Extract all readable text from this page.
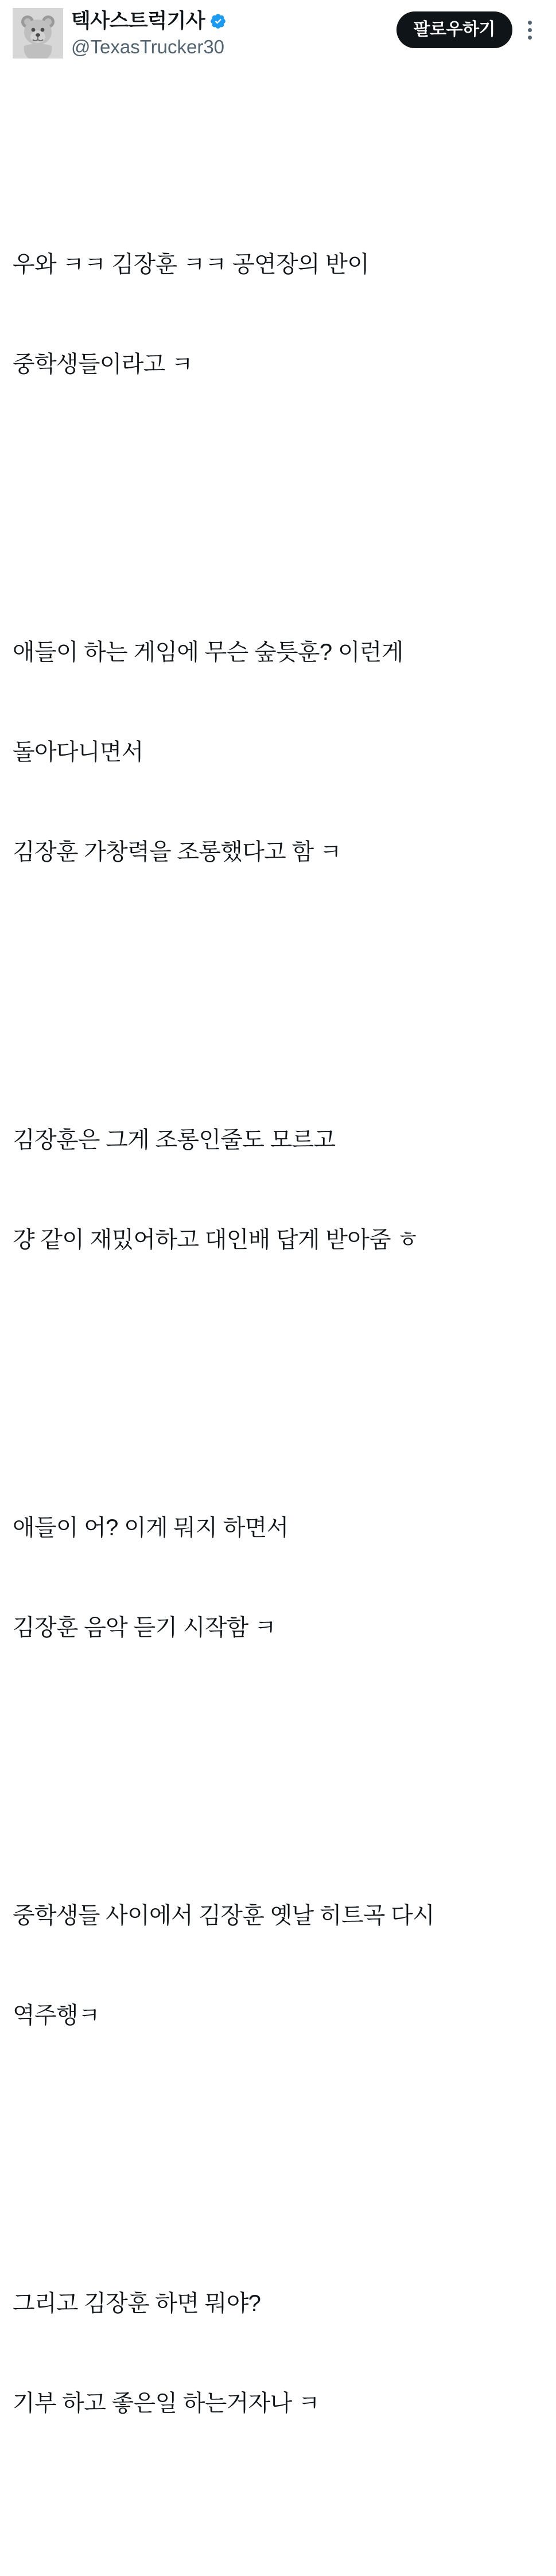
텍사스트럭기사
@TexasTrucker30
팔로우하기

우와 ㅋㅋ 김장훈 ㅋㅋ 공연장의 반이

중학생들이라고 ㅋ

애들이 하는 게임에 무슨 숲틋훈? 이런게

돌아다니면서

김장훈 가창력을 조롱했다고 함 ㅋ

김장훈은 그게 조롱인줄도 모르고

걍 같이 재밌어하고 대인배 답게 받아줌 ㅎ

애들이 어? 이게 뭐지 하면서

김장훈 음악 듣기 시작함 ㅋ

중학생들 사이에서 김장훈 옛날 히트곡 다시

역주행ㅋ

그리고 김장훈 하면 뭐야?

기부 하고 좋은일 하는거자나 ㅋ
